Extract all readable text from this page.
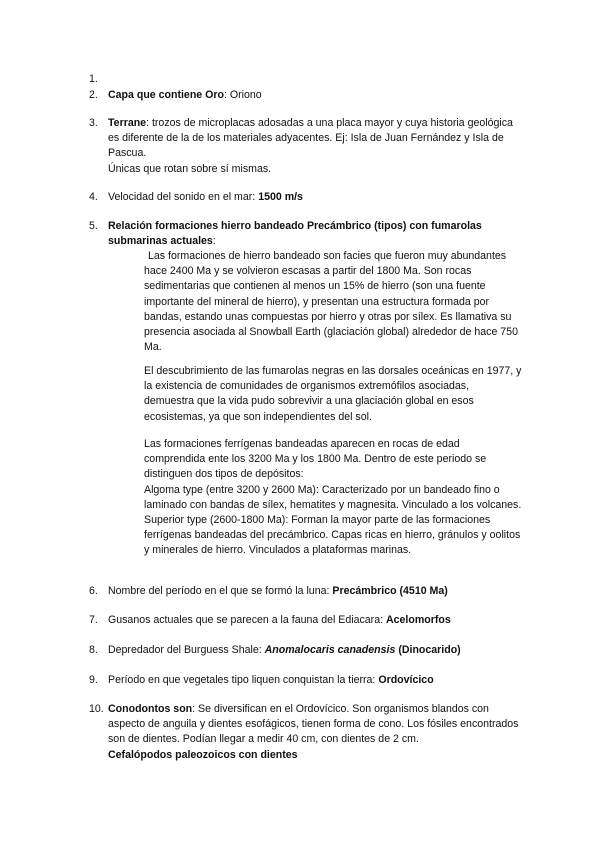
1.
2. Capa que contiene Oro: Oriono
3. Terrane: trozos de microplacas adosadas a una placa mayor y cuya historia geológica es diferente de la de los materiales adyacentes. Ej: Isla de Juan Fernández y Isla de Pascua.
Únicas que rotan sobre sí mismas.
4. Velocidad del sonido en el mar: 1500 m/s
5. Relación formaciones hierro bandeado Precámbrico (tipos) con fumarolas submarinas actuales:

Las formaciones de hierro bandeado son facies que fueron muy abundantes hace 2400 Ma y se volvieron escasas a partir del 1800 Ma. Son rocas sedimentarias que contienen al menos un 15% de hierro (son una fuente importante del mineral de hierro), y presentan una estructura formada por bandas, estando unas compuestas por hierro y otras por sílex. Es llamativa su presencia asociada al Snowball Earth (glaciación global) alrededor de hace 750 Ma.

El descubrimiento de las fumarolas negras en las dorsales oceánicas en 1977, y la existencia de comunidades de organismos extremófilos asociadas, demuestra que la vida pudo sobrevivir a una glaciación global en esos ecosistemas, ya que son independientes del sol.

Las formaciones ferrígenas bandeadas aparecen en rocas de edad comprendida ente los 3200 Ma y los 1800 Ma. Dentro de este periodo se distinguen dos tipos de depósitos:

Algoma type (entre 3200 y 2600 Ma): Caracterizado por un bandeado fino o laminado con bandas de sílex, hematites y magnesita. Vinculado a los volcanes.

Superior type (2600-1800 Ma): Forman la mayor parte de las formaciones ferrígenas bandeadas del precámbrico. Capas ricas en hierro, gránulos y oolitos y minerales de hierro. Vinculados a plataformas marinas.

6. Nombre del período en el que se formó la luna: Precámbrico (4510 Ma)
7. Gusanos actuales que se parecen a la fauna del Ediacara: Acelomorfos
8. Depredador del Burguess Shale: Anomalocaris canadensis (Dinocarido)
9. Período en que vegetales tipo liquen conquistan la tierra: Ordovícico
10. Conodontos son: Se diversifican en el Ordovícico. Son organismos blandos con aspecto de anguila y dientes esofágicos, tienen forma de cono. Los fósiles encontrados son de dientes. Podían llegar a medir 40 cm, con dientes de 2 cm.
Cefalópodos paleozoicos con dientes
